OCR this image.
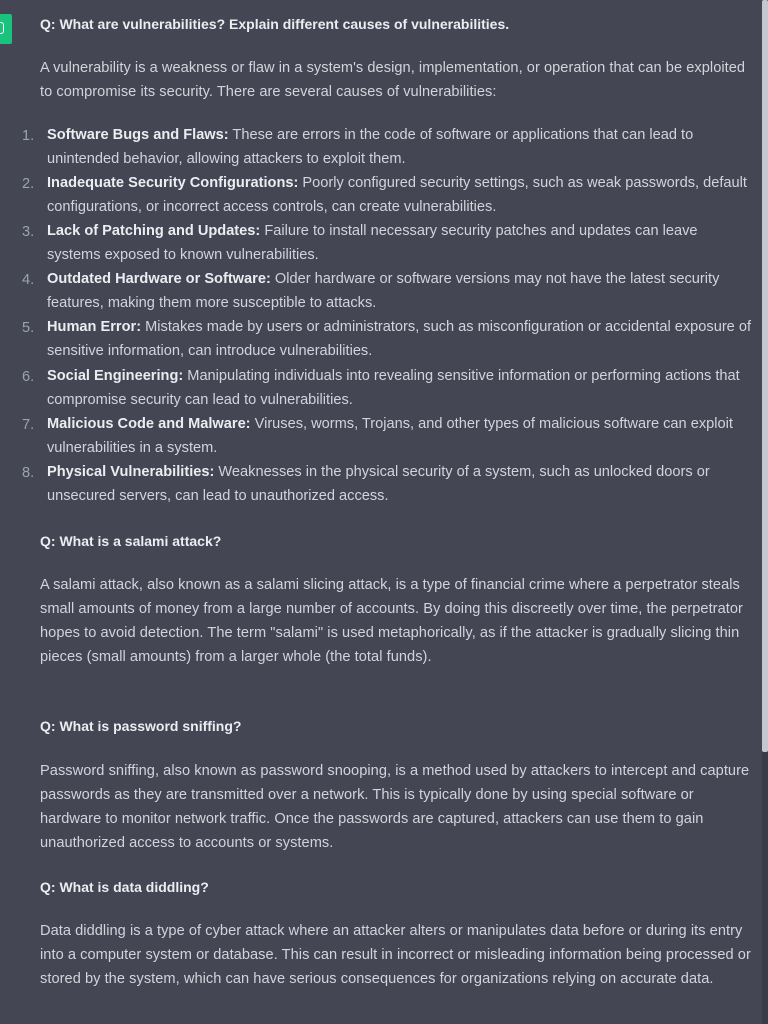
Q: What are vulnerabilities? Explain different causes of vulnerabilities.
A vulnerability is a weakness or flaw in a system's design, implementation, or operation that can be exploited to compromise its security. There are several causes of vulnerabilities:
1. Software Bugs and Flaws: These are errors in the code of software or applications that can lead to unintended behavior, allowing attackers to exploit them.
2. Inadequate Security Configurations: Poorly configured security settings, such as weak passwords, default configurations, or incorrect access controls, can create vulnerabilities.
3. Lack of Patching and Updates: Failure to install necessary security patches and updates can leave systems exposed to known vulnerabilities.
4. Outdated Hardware or Software: Older hardware or software versions may not have the latest security features, making them more susceptible to attacks.
5. Human Error: Mistakes made by users or administrators, such as misconfiguration or accidental exposure of sensitive information, can introduce vulnerabilities.
6. Social Engineering: Manipulating individuals into revealing sensitive information or performing actions that compromise security can lead to vulnerabilities.
7. Malicious Code and Malware: Viruses, worms, Trojans, and other types of malicious software can exploit vulnerabilities in a system.
8. Physical Vulnerabilities: Weaknesses in the physical security of a system, such as unlocked doors or unsecured servers, can lead to unauthorized access.
Q: What is a salami attack?
A salami attack, also known as a salami slicing attack, is a type of financial crime where a perpetrator steals small amounts of money from a large number of accounts. By doing this discreetly over time, the perpetrator hopes to avoid detection. The term "salami" is used metaphorically, as if the attacker is gradually slicing thin pieces (small amounts) from a larger whole (the total funds).
Q: What is password sniffing?
Password sniffing, also known as password snooping, is a method used by attackers to intercept and capture passwords as they are transmitted over a network. This is typically done by using special software or hardware to monitor network traffic. Once the passwords are captured, attackers can use them to gain unauthorized access to accounts or systems.
Q: What is data diddling?
Data diddling is a type of cyber attack where an attacker alters or manipulates data before or during its entry into a computer system or database. This can result in incorrect or misleading information being processed or stored by the system, which can have serious consequences for organizations relying on accurate data.
